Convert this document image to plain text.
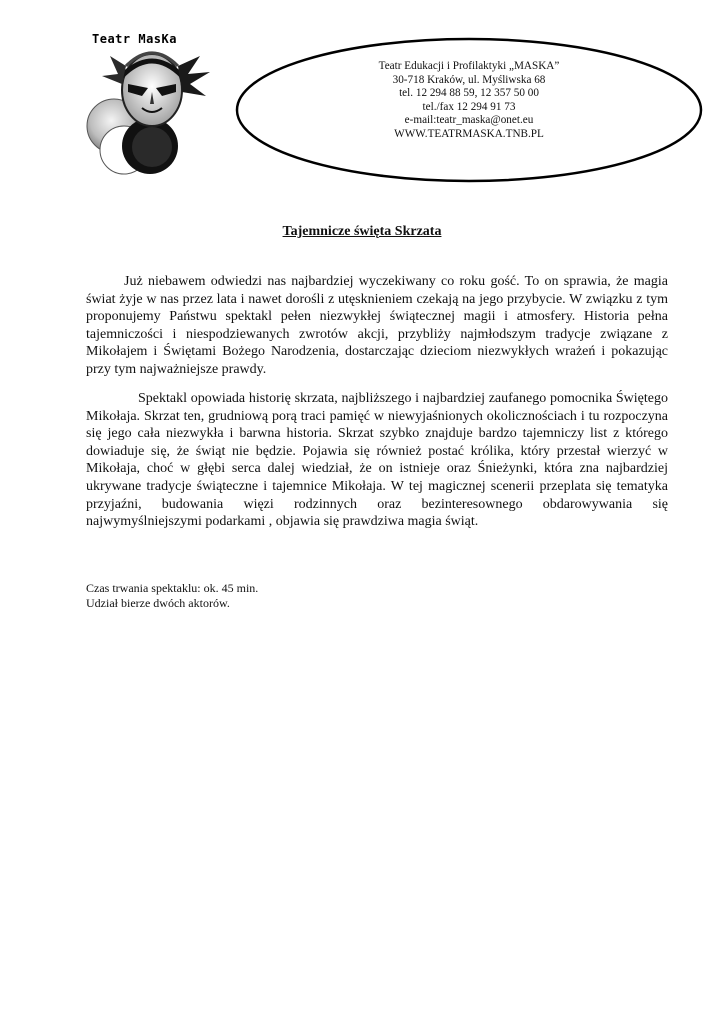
Teatr MasKa
Teatr Edukacji i Profilaktyki „MASKA”
30-718 Kraków, ul. Myśliwska 68
tel. 12 294 88 59, 12 357 50 00
tel./fax 12 294 91 73
e-mail:teatr_maska@onet.eu
WWW.TEATRMASKA.TNB.PL
Tajemnicze święta Skrzata

Już niebawem odwiedzi nas najbardziej wyczekiwany co roku gość. To on sprawia, że magia świat żyje w nas przez lata i nawet dorośli z utęsknieniem czekają na jego przybycie. W związku z tym proponujemy Państwu spektakl pełen niezwykłej świątecznej magii i atmosfery. Historia pełna tajemniczości i niespodziewanych zwrotów akcji, przybliży najmłodszym tradycje związane z Mikołajem i Świętami Bożego Narodzenia, dostarczając dzieciom niezwykłych wrażeń i pokazując przy tym najważniejsze prawdy.

Spektakl opowiada historię skrzata, najbliższego i najbardziej zaufanego pomocnika Świętego Mikołaja. Skrzat ten, grudniową porą traci pamięć w niewyjaśnionych okolicznościach i tu rozpoczyna się jego cała niezwykła i barwna historia. Skrzat szybko znajduje bardzo tajemniczy list z którego dowiaduje się, że świąt nie będzie. Pojawia się również postać królika, który przestał wierzyć w Mikołaja, choć w głębi serca dalej wiedział, że on istnieje oraz Śnieżynki, która zna najbardziej ukrywane tradycje świąteczne i tajemnice Mikołaja. W tej magicznej scenerii przeplata się tematyka przyjaźni, budowania więzi rodzinnych oraz bezinteresownego obdarowywania się najwymyślniejszymi podarkami , objawia się prawdziwa magia świąt.

Czas trwania spektaklu: ok. 45 min.
Udział bierze dwóch aktorów.
